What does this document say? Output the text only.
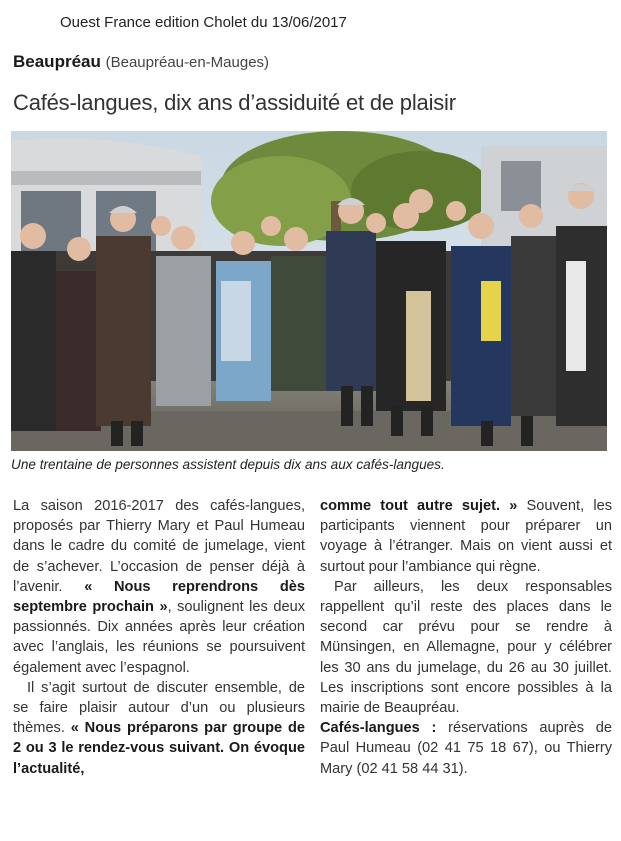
Ouest France edition Cholet du 13/06/2017
Beaupréau (Beaupréau-en-Mauges)
Cafés-langues, dix ans d’assiduité et de plaisir
Une trentaine de personnes assistent depuis dix ans aux cafés-langues.

La saison 2016-2017 des cafés-langues, proposés par Thierry Mary et Paul Humeau dans le cadre du comité de jumelage, vient de s’achever. L’occasion de penser déjà à l’avenir. « Nous reprendrons dès septembre prochain », soulignent les deux passionnés. Dix années après leur création avec l’anglais, les réunions se poursuivent également avec l’espagnol.

Il s’agit surtout de discuter ensemble, de se faire plaisir autour d’un ou plusieurs thèmes. « Nous préparons par groupe de 2 ou 3 le rendez-vous suivant. On évoque l’actualité,

comme tout autre sujet. » Souvent, les participants viennent pour préparer un voyage à l’étranger. Mais on vient aussi et surtout pour l’ambiance qui règne.

Par ailleurs, les deux responsables rappellent qu’il reste des places dans le second car prévu pour se rendre à Münsingen, en Allemagne, pour y célébrer les 30 ans du jumelage, du 26 au 30 juillet. Les inscriptions sont encore possibles à la mairie de Beaupréau.

Cafés-langues : réservations auprès de Paul Humeau (02 41 75 18 67), ou Thierry Mary (02 41 58 44 31).
